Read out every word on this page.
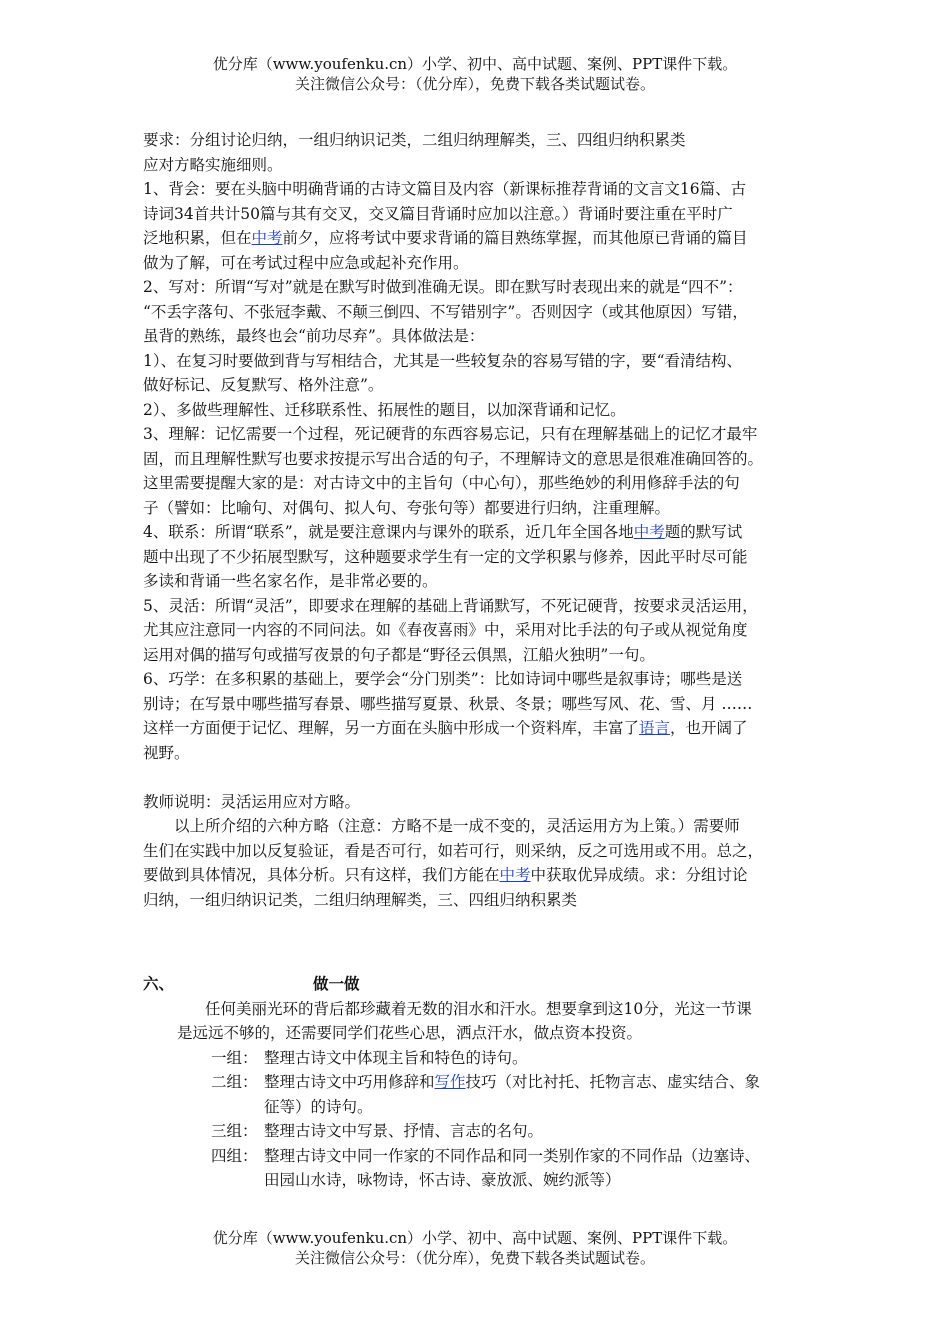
优分库（www.youfenku.cn）小学、初中、高中试题、案例、PPT课件下载。
关注微信公众号：（优分库），免费下载各类试题试卷。
要求：分组讨论归纳，一组归纳识记类，二组归纳理解类，三、四组归纳积累类
应对方略实施细则。
1、背会：要在头脑中明确背诵的古诗文篇目及内容（新课标推荐背诵的文言文16篇、古
诗词34首共计50篇与其有交叉，交叉篇目背诵时应加以注意。）背诵时要注重在平时广
泛地积累，但在中考前夕，应将考试中要求背诵的篇目熟练掌握，而其他原已背诵的篇目
做为了解，可在考试过程中应急或起补充作用。
2、写对：所谓“写对”就是在默写时做到准确无误。即在默写时表现出来的就是“四不”：
“不丢字落句、不张冠李戴、不颠三倒四、不写错别字”。否则因字（或其他原因）写错，
虽背的熟练，最终也会“前功尽弃”。具体做法是：
1）、在复习时要做到背与写相结合，尤其是一些较复杂的容易写错的字，要“看清结构、
做好标记、反复默写、格外注意”。
2）、多做些理解性、迁移联系性、拓展性的题目，以加深背诵和记忆。
3、理解：记忆需要一个过程，死记硬背的东西容易忘记，只有在理解基础上的记忆才最牢
固，而且理解性默写也要求按提示写出合适的句子，不理解诗文的意思是很难准确回答的。
这里需要提醒大家的是：对古诗文中的主旨句（中心句），那些绝妙的利用修辞手法的句
子（譬如：比喻句、对偶句、拟人句、夸张句等）都要进行归纳，注重理解。
4、联系：所谓“联系”，就是要注意课内与课外的联系，近几年全国各地中考题的默写试
题中出现了不少拓展型默写，这种题要求学生有一定的文学积累与修养，因此平时尽可能
多读和背诵一些名家名作，是非常必要的。
5、灵活：所谓“灵活”，即要求在理解的基础上背诵默写，不死记硬背，按要求灵活运用，
尤其应注意同一内容的不同问法。如《春夜喜雨》中，采用对比手法的句子或从视觉角度
运用对偶的描写句或描写夜景的句子都是“野径云俱黑，江船火独明”一句。
6、巧学：在多积累的基础上，要学会“分门别类”：比如诗词中哪些是叙事诗；哪些是送
别诗；在写景中哪些描写春景、哪些描写夏景、秋景、冬景；哪些写风、花、雪、月 ……
这样一方面便于记忆、理解，另一方面在头脑中形成一个资料库，丰富了语言，也开阔了
视野。
教师说明：灵活运用应对方略。
以上所介绍的六种方略（注意：方略不是一成不变的，灵活运用方为上策。）需要师
生们在实践中加以反复验证，看是否可行，如若可行，则采纳，反之可选用或不用。总之，
要做到具体情况，具体分析。只有这样，我们方能在中考中获取优异成绩。求：分组讨论
归纳，一组归纳识记类，二组归纳理解类，三、四组归纳积累类
六、	做一做
任何美丽光环的背后都珍藏着无数的泪水和汗水。想要拿到这10分，光这一节课
是远远不够的，还需要同学们花些心思，洒点汗水，做点资本投资。
一组： 整理古诗文中体现主旨和特色的诗句。
二组： 整理古诗文中巧用修辞和写作技巧（对比衬托、托物言志、虚实结合、象
征等）的诗句。
三组： 整理古诗文中写景、抒情、言志的名句。
四组： 整理古诗文中同一作家的不同作品和同一类别作家的不同作品（边塞诗、
田园山水诗，咏物诗，怀古诗、豪放派、婉约派等）
优分库（www.youfenku.cn）小学、初中、高中试题、案例、PPT课件下载。
关注微信公众号：（优分库），免费下载各类试题试卷。
